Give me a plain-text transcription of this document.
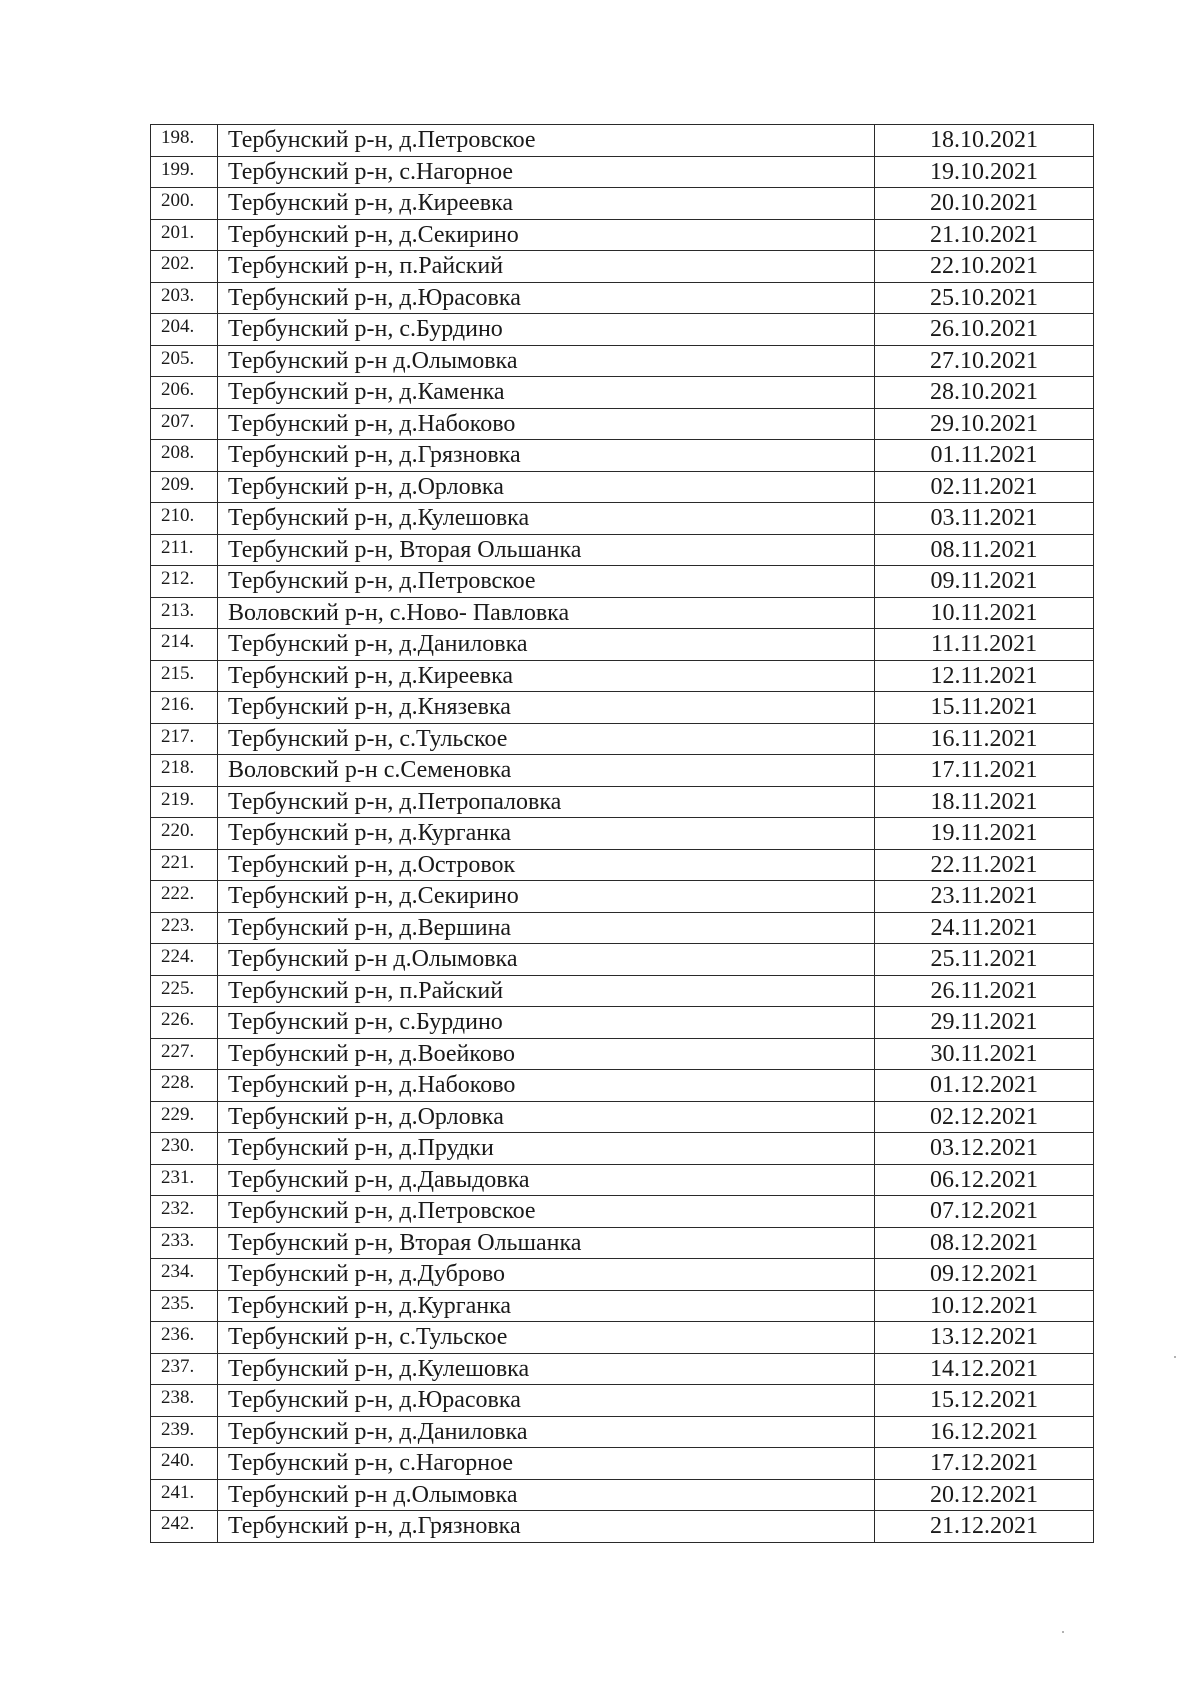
198.	Тербунский р-н, д.Петровское	18.10.2021
199.	Тербунский р-н, с.Нагорное	19.10.2021
200.	Тербунский р-н, д.Киреевка	20.10.2021
201.	Тербунский р-н, д.Секирино	21.10.2021
202.	Тербунский р-н, п.Райский	22.10.2021
203.	Тербунский р-н, д.Юрасовка	25.10.2021
204.	Тербунский р-н, с.Бурдино	26.10.2021
205.	Тербунский р-н д.Олымовка	27.10.2021
206.	Тербунский р-н, д.Каменка	28.10.2021
207.	Тербунский р-н, д.Набоково	29.10.2021
208.	Тербунский р-н, д.Грязновка	01.11.2021
209.	Тербунский р-н, д.Орловка	02.11.2021
210.	Тербунский р-н, д.Кулешовка	03.11.2021
211.	Тербунский р-н, Вторая Ольшанка	08.11.2021
212.	Тербунский р-н, д.Петровское	09.11.2021
213.	Воловский р-н, с.Ново- Павловка	10.11.2021
214.	Тербунский р-н, д.Даниловка	11.11.2021
215.	Тербунский р-н, д.Киреевка	12.11.2021
216.	Тербунский р-н, д.Князевка	15.11.2021
217.	Тербунский р-н, с.Тульское	16.11.2021
218.	Воловский р-н с.Семеновка	17.11.2021
219.	Тербунский р-н, д.Петропаловка	18.11.2021
220.	Тербунский р-н, д.Курганка	19.11.2021
221.	Тербунский р-н, д.Островок	22.11.2021
222.	Тербунский р-н, д.Секирино	23.11.2021
223.	Тербунский р-н, д.Вершина	24.11.2021
224.	Тербунский р-н д.Олымовка	25.11.2021
225.	Тербунский р-н, п.Райский	26.11.2021
226.	Тербунский р-н, с.Бурдино	29.11.2021
227.	Тербунский р-н, д.Воейково	30.11.2021
228.	Тербунский р-н, д.Набоково	01.12.2021
229.	Тербунский р-н, д.Орловка	02.12.2021
230.	Тербунский р-н, д.Прудки	03.12.2021
231.	Тербунский р-н, д.Давыдовка	06.12.2021
232.	Тербунский р-н, д.Петровское	07.12.2021
233.	Тербунский р-н, Вторая Ольшанка	08.12.2021
234.	Тербунский р-н, д.Дуброво	09.12.2021
235.	Тербунский р-н, д.Курганка	10.12.2021
236.	Тербунский р-н, с.Тульское	13.12.2021
237.	Тербунский р-н, д.Кулешовка	14.12.2021
238.	Тербунский р-н, д.Юрасовка	15.12.2021
239.	Тербунский р-н, д.Даниловка	16.12.2021
240.	Тербунский р-н, с.Нагорное	17.12.2021
241.	Тербунский р-н д.Олымовка	20.12.2021
242.	Тербунский р-н, д.Грязновка	21.12.2021
